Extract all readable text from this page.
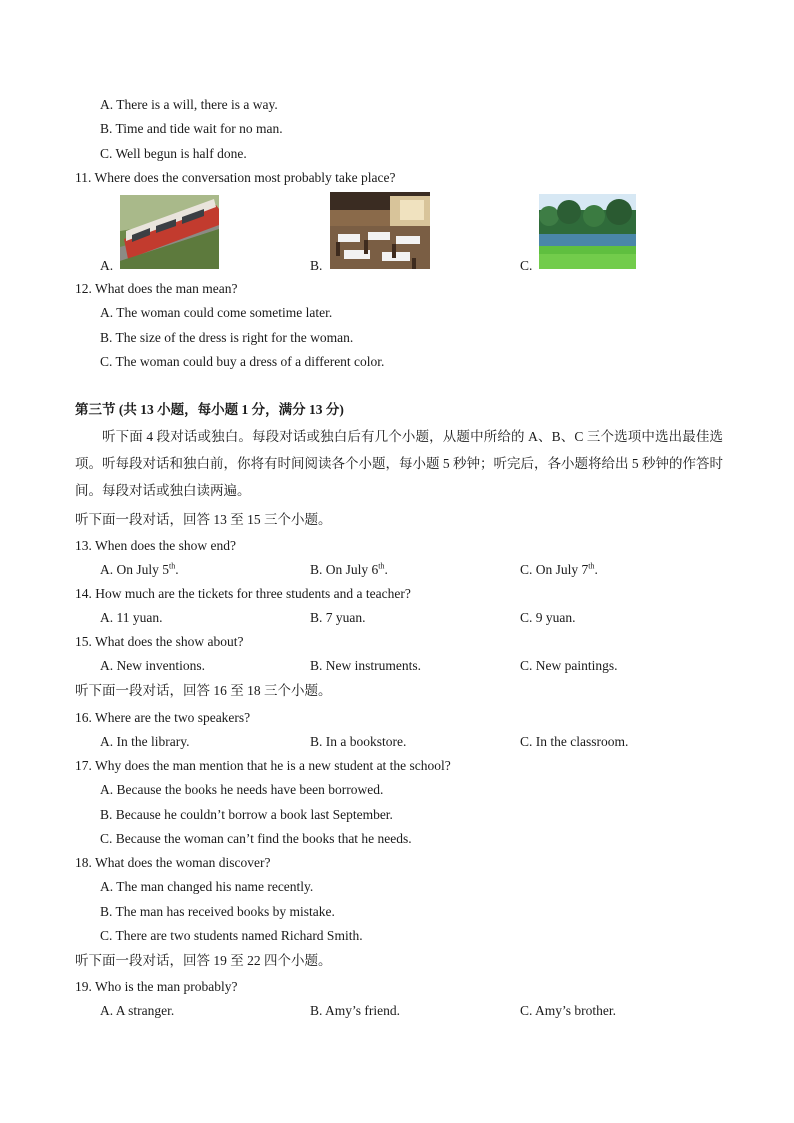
A. There is a will, there is a way.
B. Time and tide wait for no man.
C. Well begun is half done.
11. Where does the conversation most probably take place?
A.	B.	C.
12. What does the man mean?
A. The woman could come sometime later.
B. The size of the dress is right for the woman.
C. The woman could buy a dress of a different color.
第三节 (共 13 小题，每小题 1 分，满分 13 分)
听下面 4 段对话或独白。每段对话或独白后有几个小题，从题中所给的 A、B、C 三个选项中选出最佳选项。听每段对话和独白前，你将有时间阅读各个小题，每小题 5 秒钟；听完后，各小题将给出 5 秒钟的作答时间。每段对话或独白读两遍。
听下面一段对话，回答 13 至 15 三个小题。
13. When does the show end?
A. On July 5th.	B. On July 6th.	C. On July 7th.
14. How much are the tickets for three students and a teacher?
A. 11 yuan.	B. 7 yuan.	C. 9 yuan.
15. What does the show about?
A. New inventions.	B. New instruments.	C. New paintings.
听下面一段对话，回答 16 至 18 三个小题。
16. Where are the two speakers?
A. In the library.	B. In a bookstore.	C. In the classroom.
17. Why does the man mention that he is a new student at the school?
A. Because the books he needs have been borrowed.
B. Because he couldn’t borrow a book last September.
C. Because the woman can’t find the books that he needs.
18. What does the woman discover?
A. The man changed his name recently.
B. The man has received books by mistake.
C. There are two students named Richard Smith.
听下面一段对话，回答 19 至 22 四个小题。
19. Who is the man probably?
A. A stranger.	B. Amy’s friend.	C. Amy’s brother.
